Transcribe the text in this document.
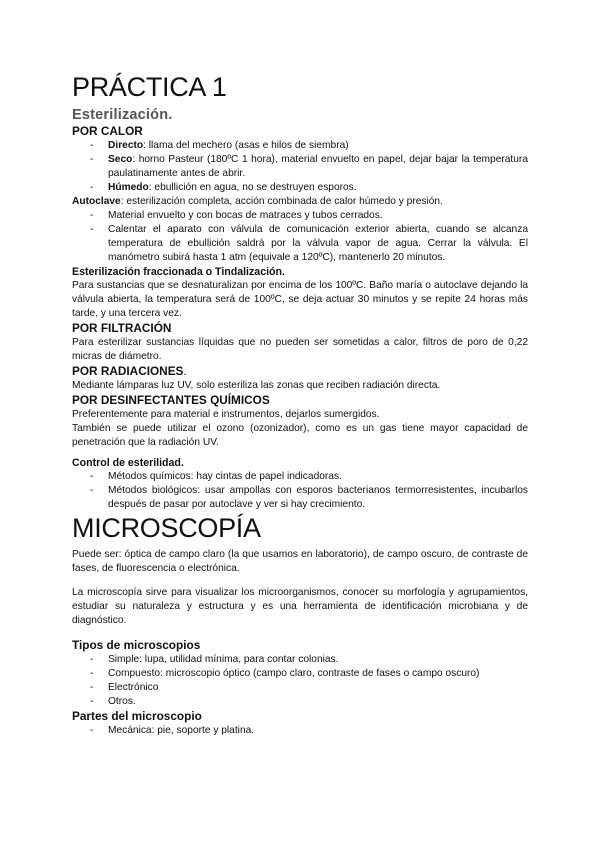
PRÁCTICA 1
Esterilización.
POR CALOR
- Directo: llama del mechero (asas e hilos de siembra)
- Seco: horno Pasteur (180ºC 1 hora), material envuelto en papel, dejar bajar la temperatura paulatinamente antes de abrir.
- Húmedo: ebullición en agua, no se destruyen esporos.

Autoclave: esterilización completa, acción combinada de calor húmedo y presión.

- Material envuelto y con bocas de matraces y tubos cerrados.
- Calentar el aparato con válvula de comunicación exterior abierta, cuando se alcanza temperatura de ebullición saldrá por la válvula vapor de agua. Cerrar la válvula. El manómetro subirá hasta 1 atm (equivale a 120ºC), mantenerlo 20 minutos.
Esterilización fraccionada o Tindalización.

Para sustancias que se desnaturalizan por encima de los 100ºC. Baño maría o autoclave dejando la válvula abierta, la temperatura será de 100ºC, se deja actuar 30 minutos y se repite 24 horas más tarde, y una tercera vez.

POR FILTRACIÓN

Para esterilizar sustancias líquidas que no pueden ser sometidas a calor, filtros de poro de 0,22 micras de diámetro.

POR RADIACIONES.

Mediante lámparas luz UV, solo esteriliza las zonas que reciben radiación directa.

POR DESINFECTANTES QUÍMICOS

Preferentemente para material e instrumentos, dejarlos sumergidos.

También se puede utilizar el ozono (ozonizador), como es un gas tiene mayor capacidad de penetración que la radiación UV.

Control de esterilidad.
- Métodos químicos: hay cintas de papel indicadoras.
- Métodos biológicos: usar ampollas con esporos bacterianos termorresistentes, incubarlos después de pasar por autoclave y ver si hay crecimiento.
MICROSCOPÍA

Puede ser: óptica de campo claro (la que usamos en laboratorio), de campo oscuro, de contraste de fases, de fluorescencia o electrónica.

La microscopía sirve para visualizar los microorganismos, conocer su morfología y agrupamientos, estudiar su naturaleza y estructura y es una herramienta de identificación microbiana y de diagnóstico.

Tipos de microscopios
- Simple: lupa, utilidad mínima, para contar colonias.
- Compuesto: microscopio óptico (campo claro, contraste de fases o campo oscuro)
- Electrónico
- Otros.
Partes del microscopio
- Mecánica: pie, soporte y platina.
